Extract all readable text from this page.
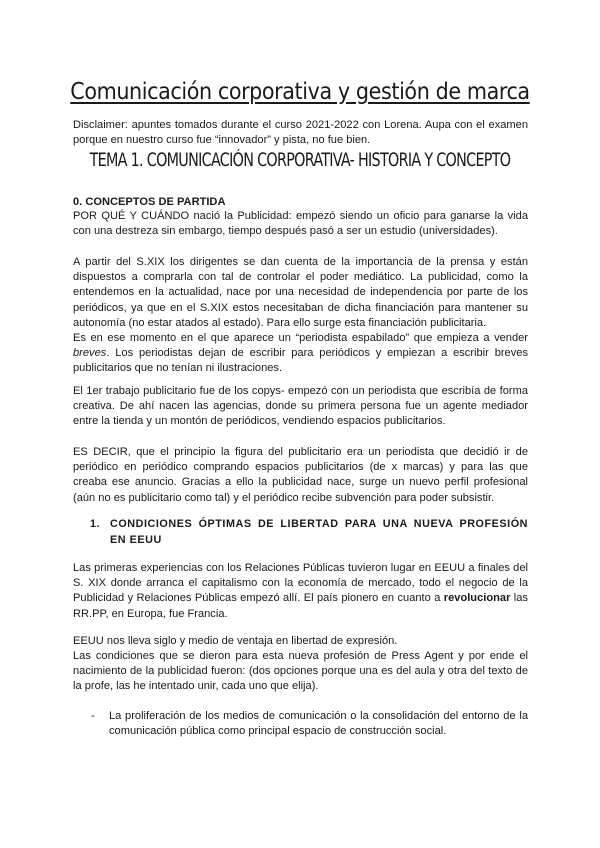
Comunicación corporativa y gestión de marca

Disclaimer: apuntes tomados durante el curso 2021-2022 con Lorena. Aupa con el examen porque en nuestro curso fue “innovador” y pista, no fue bien.

TEMA 1. COMUNICACIÓN CORPORATIVA- HISTORIA Y CONCEPTO

0. CONCEPTOS DE PARTIDA

POR QUÉ Y CUÁNDO nació la Publicidad: empezó siendo un oficio para ganarse la vida con una destreza sin embargo, tiempo después pasó a ser un estudio (universidades).

A partir del S.XIX los dirigentes se dan cuenta de la importancia de la prensa y están dispuestos a comprarla con tal de controlar el poder mediático. La publicidad, como la entendemos en la actualidad, nace por una necesidad de independencia por parte de los periódicos, ya que en el S.XIX estos necesitaban de dicha financiación para mantener su autonomía (no estar atados al estado). Para ello surge esta financiación publicitaria.

Es en ese momento en el que aparece un “periodista espabilado” que empieza a vender breves. Los periodistas dejan de escribir para periódicos y empiezan a escribir breves publicitarios que no tenían ni ilustraciones.

El 1er trabajo publicitario fue de los copys- empezó con un periodista que escribía de forma creativa. De ahí nacen las agencias, donde su primera persona fue un agente mediador entre la tienda y un montón de periódicos, vendiendo espacios publicitarios.

ES DECIR, que el principio la figura del publicitario era un periodista que decidió ir de periódico en periódico comprando espacios publicitarios (de x marcas) y para las que creaba ese anuncio. Gracias a ello la publicidad nace, surge un nuevo perfil profesional (aún no es publicitario como tal) y el periódico recibe subvención para poder subsistir.

1. CONDICIONES ÓPTIMAS DE LIBERTAD PARA UNA NUEVA PROFESIÓN EN EEUU

Las primeras experiencias con los Relaciones Públicas tuvieron lugar en EEUU a finales del S. XIX donde arranca el capitalismo con la economía de mercado, todo el negocio de la Publicidad y Relaciones Públicas empezó allí. El país pionero en cuanto a revolucionar las RR.PP, en Europa, fue Francia.

EEUU nos lleva siglo y medio de ventaja en libertad de expresión.

Las condiciones que se dieron para esta nueva profesión de Press Agent y por ende el nacimiento de la publicidad fueron: (dos opciones porque una es del aula y otra del texto de la profe, las he intentado unir, cada uno que elija).

-	La proliferación de los medios de comunicación o la consolidación del entorno de la comunicación pública como principal espacio de construcción social.
